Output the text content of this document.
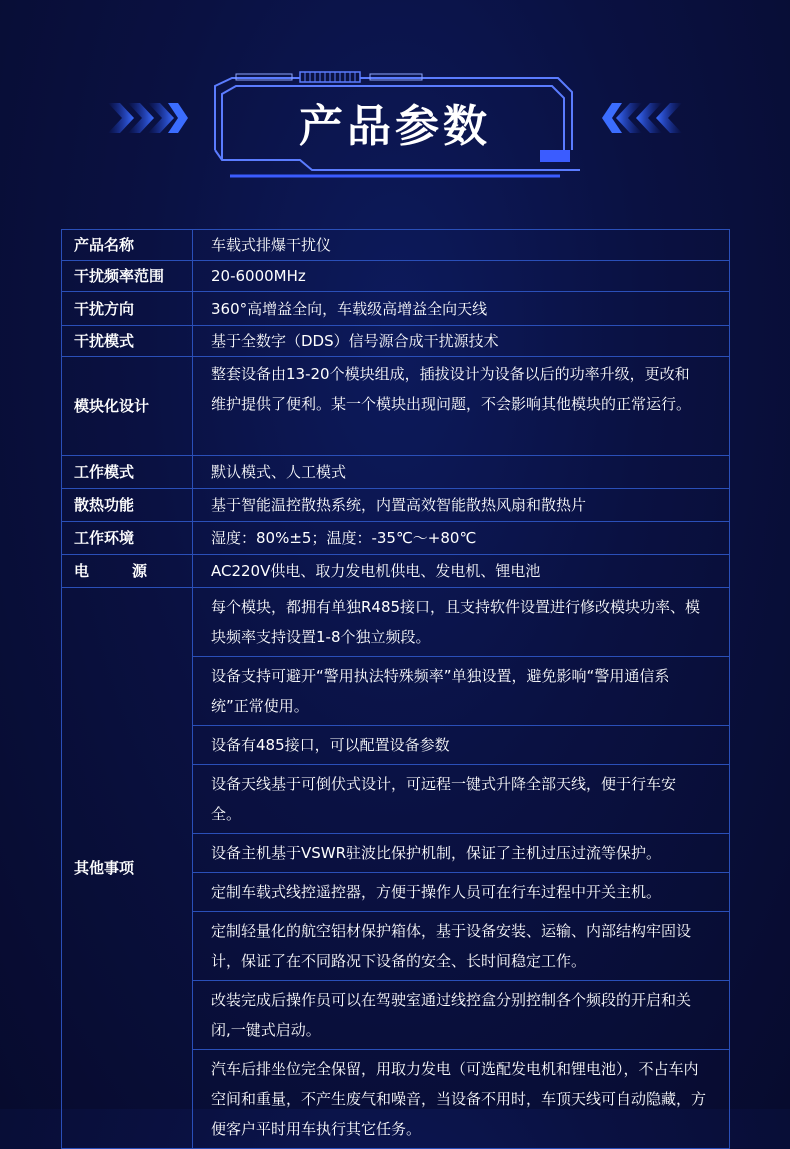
产品参数
产品名称	车载式排爆干扰仪
干扰频率范围	20-6000MHz
干扰方向	360°高增益全向，车载级高增益全向天线
干扰模式	基于全数字（DDS）信号源合成干扰源技术
模块化设计	整套设备由13-20个模块组成，插拔设计为设备以后的功率升级，更改和维护提供了便利。某一个模块出现问题，不会影响其他模块的正常运行。
工作模式	默认模式、人工模式
散热功能	基于智能温控散热系统，内置高效智能散热风扇和散热片
工作环境	湿度：80%±5；温度：-35℃～+80℃
电　源	AC220V供电、取力发电机供电、发电机、锂电池
其他事项	每个模块，都拥有单独R485接口，且支持软件设置进行修改模块功率、模块频率支持设置1-8个独立频段。
	设备支持可避开“警用执法特殊频率”单独设置，避免影响“警用通信系统”正常使用。
	设备有485接口，可以配置设备参数
	设备天线基于可倒伏式设计，可远程一键式升降全部天线，便于行车安全。
	设备主机基于VSWR驻波比保护机制，保证了主机过压过流等保护。
	定制车载式线控遥控器，方便于操作人员可在行车过程中开关主机。
	定制轻量化的航空铝材保护箱体，基于设备安装、运输、内部结构牢固设计，保证了在不同路况下设备的安全、长时间稳定工作。
	改装完成后操作员可以在驾驶室通过线控盒分别控制各个频段的开启和关闭,一键式启动。
	汽车后排坐位完全保留，用取力发电（可选配发电机和锂电池），不占车内空间和重量，不产生废气和噪音，当设备不用时，车顶天线可自动隐藏，方便客户平时用车执行其它任务。
